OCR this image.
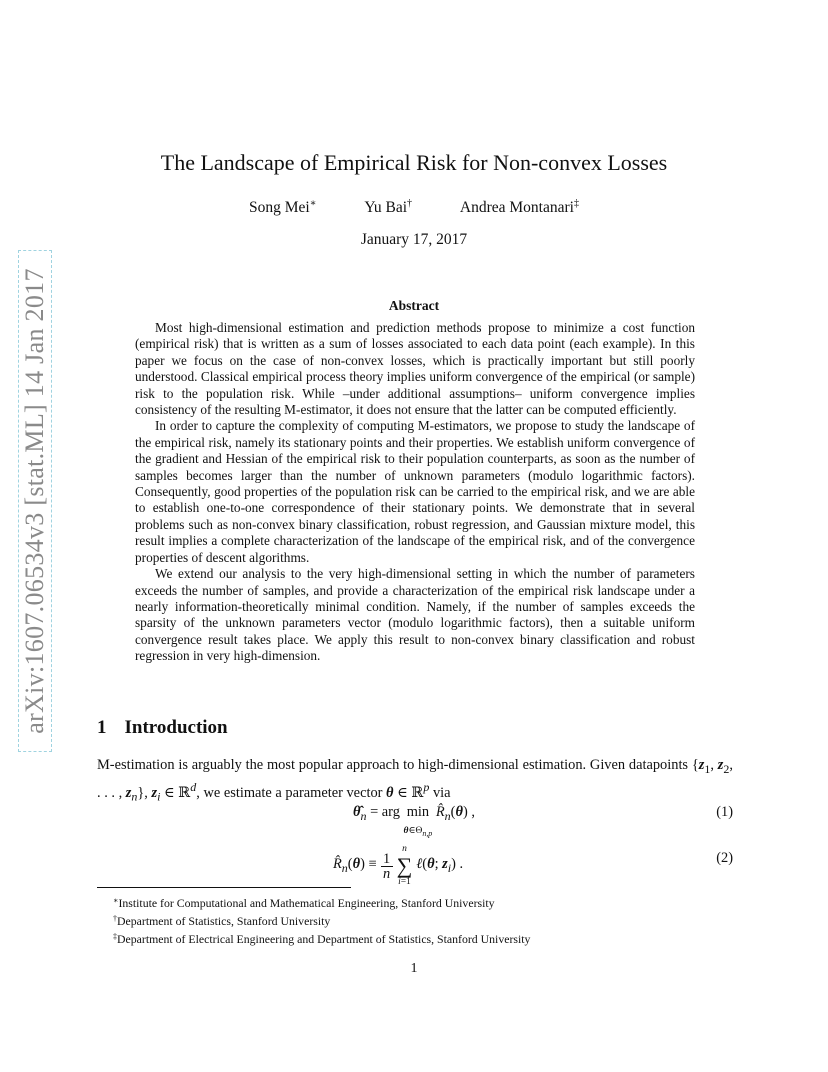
arXiv:1607.06534v3 [stat.ML] 14 Jan 2017
The Landscape of Empirical Risk for Non-convex Losses
Song Mei∗	Yu Bai†	Andrea Montanari‡
January 17, 2017
Abstract

Most high-dimensional estimation and prediction methods propose to minimize a cost function (empirical risk) that is written as a sum of losses associated to each data point (each example). In this paper we focus on the case of non-convex losses, which is practically important but still poorly understood. Classical empirical process theory implies uniform convergence of the empirical (or sample) risk to the population risk. While –under additional assumptions– uniform convergence implies consistency of the resulting M-estimator, it does not ensure that the latter can be computed efficiently.

In order to capture the complexity of computing M-estimators, we propose to study the landscape of the empirical risk, namely its stationary points and their properties. We establish uniform convergence of the gradient and Hessian of the empirical risk to their population counterparts, as soon as the number of samples becomes larger than the number of unknown parameters (modulo logarithmic factors). Consequently, good properties of the population risk can be carried to the empirical risk, and we are able to establish one-to-one correspondence of their stationary points. We demonstrate that in several problems such as non-convex binary classification, robust regression, and Gaussian mixture model, this result implies a complete characterization of the landscape of the empirical risk, and of the convergence properties of descent algorithms.

We extend our analysis to the very high-dimensional setting in which the number of parameters exceeds the number of samples, and provide a characterization of the empirical risk landscape under a nearly information-theoretically minimal condition. Namely, if the number of samples exceeds the sparsity of the unknown parameters vector (modulo logarithmic factors), then a suitable uniform convergence result takes place. We apply this result to non-convex binary classification and robust regression in very high-dimension.

1 Introduction

M-estimation is arguably the most popular approach to high-dimensional estimation. Given datapoints {$z_1$, $z_2$, . . . , $z_n$}, $z_i$ ∈ ℝ$^d$, we estimate a parameter vector θ ∈ ℝ$^p$ via

$\thetâ_n$ = arg min
$\theta\in\Theta_{n,p}$ $R̂_n(\theta)$ ,	(1)
$R̂_n(\theta) \equiv 1$
n
n
∑
i=1
ℓ(θ; $z_i$) .	(2)
∗Institute for Computational and Mathematical Engineering, Stanford University
†Department of Statistics, Stanford University
‡Department of Electrical Engineering and Department of Statistics, Stanford University
1
